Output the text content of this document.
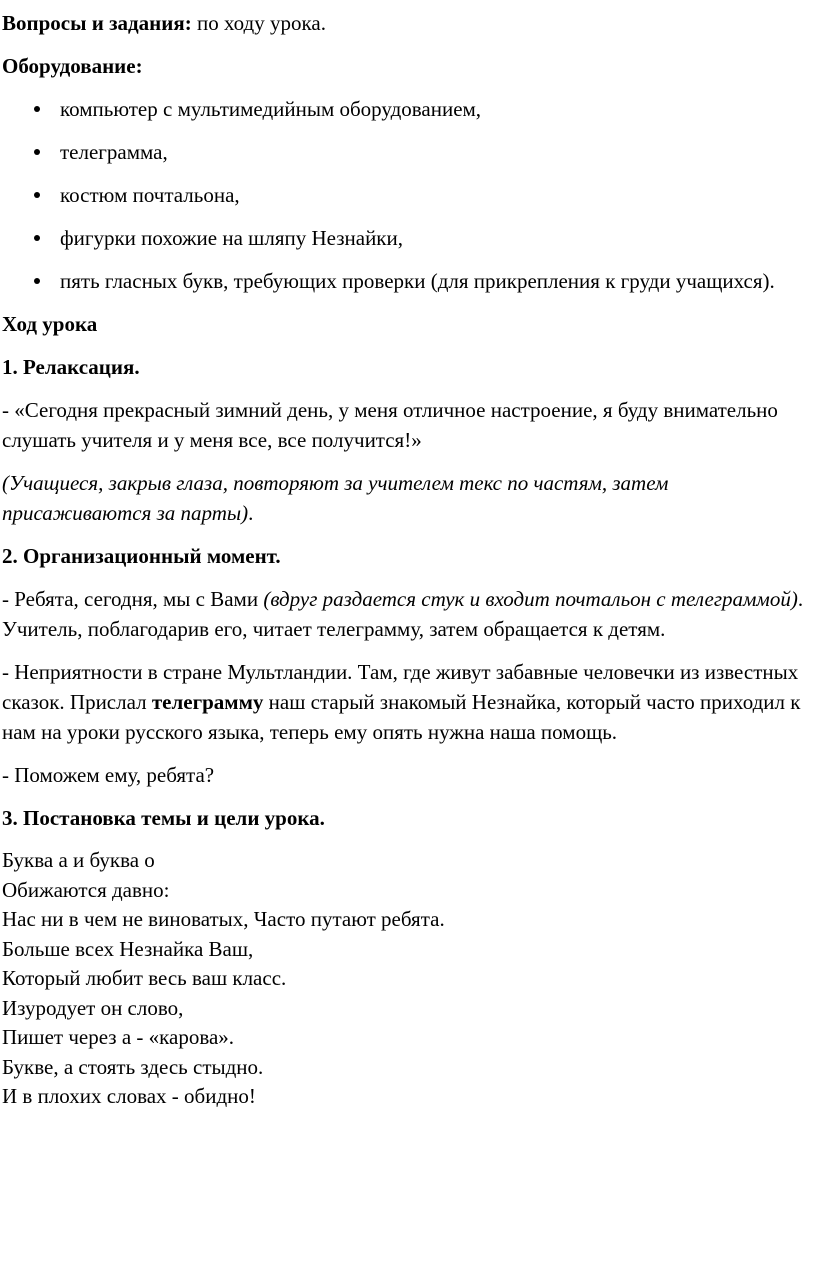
Вопросы и задания: по ходу урока.

Оборудование:

компьютер с мультимедийным оборудованием,
телеграмма,
костюм почтальона,
фигурки похожие на шляпу Незнайки,
пять гласных букв, требующих проверки (для прикрепления к груди учащихся).

Ход урока

1. Релаксация.

- «Сегодня прекрасный зимний день, у меня отличное настроение, я буду внимательно слушать учителя и у меня все, все получится!»

(Учащиеся, закрыв глаза, повторяют за учителем текс по частям, затем присаживаются за парты).

2. Организационный момент.

- Ребята, сегодня, мы с Вами (вдруг раздается стук и входит почтальон с телеграммой). Учитель, поблагодарив его, читает телеграмму, затем обращается к детям.

- Неприятности в стране Мультландии. Там, где живут забавные человечки из известных сказок. Прислал телеграмму наш старый знакомый Незнайка, который часто приходил к нам на уроки русского языка, теперь ему опять нужна наша помощь.

- Поможем ему, ребята?

3. Постановка темы и цели урока.

Буква а и буква о

Обижаются давно:

Нас ни в чем не виноватых, Часто путают ребята.

Больше всех Незнайка Ваш,

Который любит весь ваш класс.

Изуродует он слово,

Пишет через а - «карова».

Букве, а стоять здесь стыдно.

И в плохих словах - обидно!
